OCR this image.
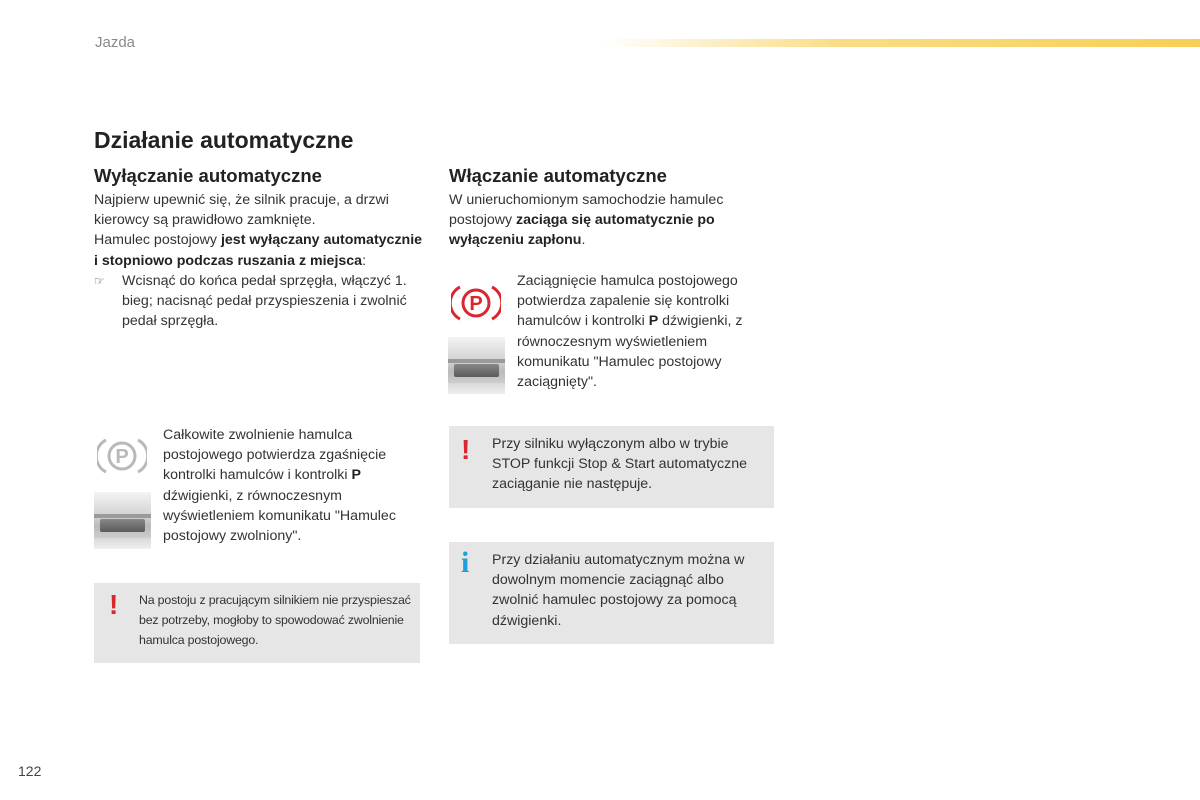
Jazda
Działanie automatyczne
Wyłączanie automatyczne

Najpierw upewnić się, że silnik pracuje, a drzwi kierowcy są prawidłowo zamknięte.

Hamulec postojowy jest wyłączany automatycznie i stopniowo podczas ruszania z miejsca:

☞	Wcisnąć do końca pedał sprzęgła, włączyć 1. bieg; nacisnąć pedał przyspieszenia i zwolnić pedał sprzęgła.

P

Całkowite zwolnienie hamulca postojowego potwierdza zgaśnięcie kontrolki hamulców i kontrolki P dźwigienki, z równoczesnym wyświetleniem komunikatu "Hamulec postojowy zwolniony".

! Na postoju z pracującym silnikiem nie przyspieszać bez potrzeby, mogłoby to spowodować zwolnienie hamulca postojowego.

Włączanie automatyczne

W unieruchomionym samochodzie hamulec postojowy zaciąga się automatycznie po wyłączeniu zapłonu.

P

Zaciągnięcie hamulca postojowego potwierdza zapalenie się kontrolki hamulców i kontrolki P dźwigienki, z równoczesnym wyświetleniem komunikatu "Hamulec postojowy zaciągnięty".

! Przy silniku wyłączonym albo w trybie STOP funkcji Stop & Start automatyczne zaciąganie nie następuje.

i Przy działaniu automatycznym można w dowolnym momencie zaciągnąć albo zwolnić hamulec postojowy za pomocą dźwigienki.

122
